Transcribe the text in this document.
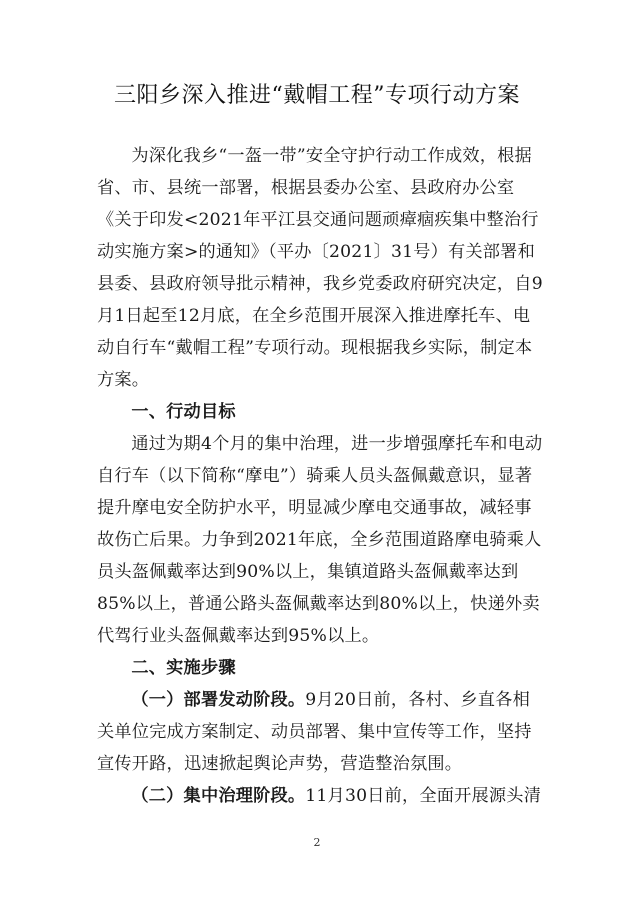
三阳乡深入推进“戴帽工程”专项行动方案

为深化我乡“一盔一带”安全守护行动工作成效，根据省、市、县统一部署，根据县委办公室、县政府办公室《关于印发<2021年平江县交通问题顽瘴痼疾集中整治行动实施方案>的通知》（平办〔2021〕31号）有关部署和县委、县政府领导批示精神，我乡党委政府研究决定，自9月1日起至12月底，在全乡范围开展深入推进摩托车、电动自行车“戴帽工程”专项行动。现根据我乡实际，制定本方案。

一、行动目标

通过为期4个月的集中治理，进一步增强摩托车和电动自行车（以下简称“摩电”）骑乘人员头盔佩戴意识，显著提升摩电安全防护水平，明显减少摩电交通事故，减轻事故伤亡后果。力争到2021年底，全乡范围道路摩电骑乘人员头盔佩戴率达到90%以上，集镇道路头盔佩戴率达到85%以上，普通公路头盔佩戴率达到80%以上，快递外卖代驾行业头盔佩戴率达到95%以上。

二、实施步骤

（一）部署发动阶段。9月20日前，各村、乡直各相关单位完成方案制定、动员部署、集中宣传等工作，坚持宣传开路，迅速掀起舆论声势，营造整治氛围。

（二）集中治理阶段。11月30日前，全面开展源头清

2
